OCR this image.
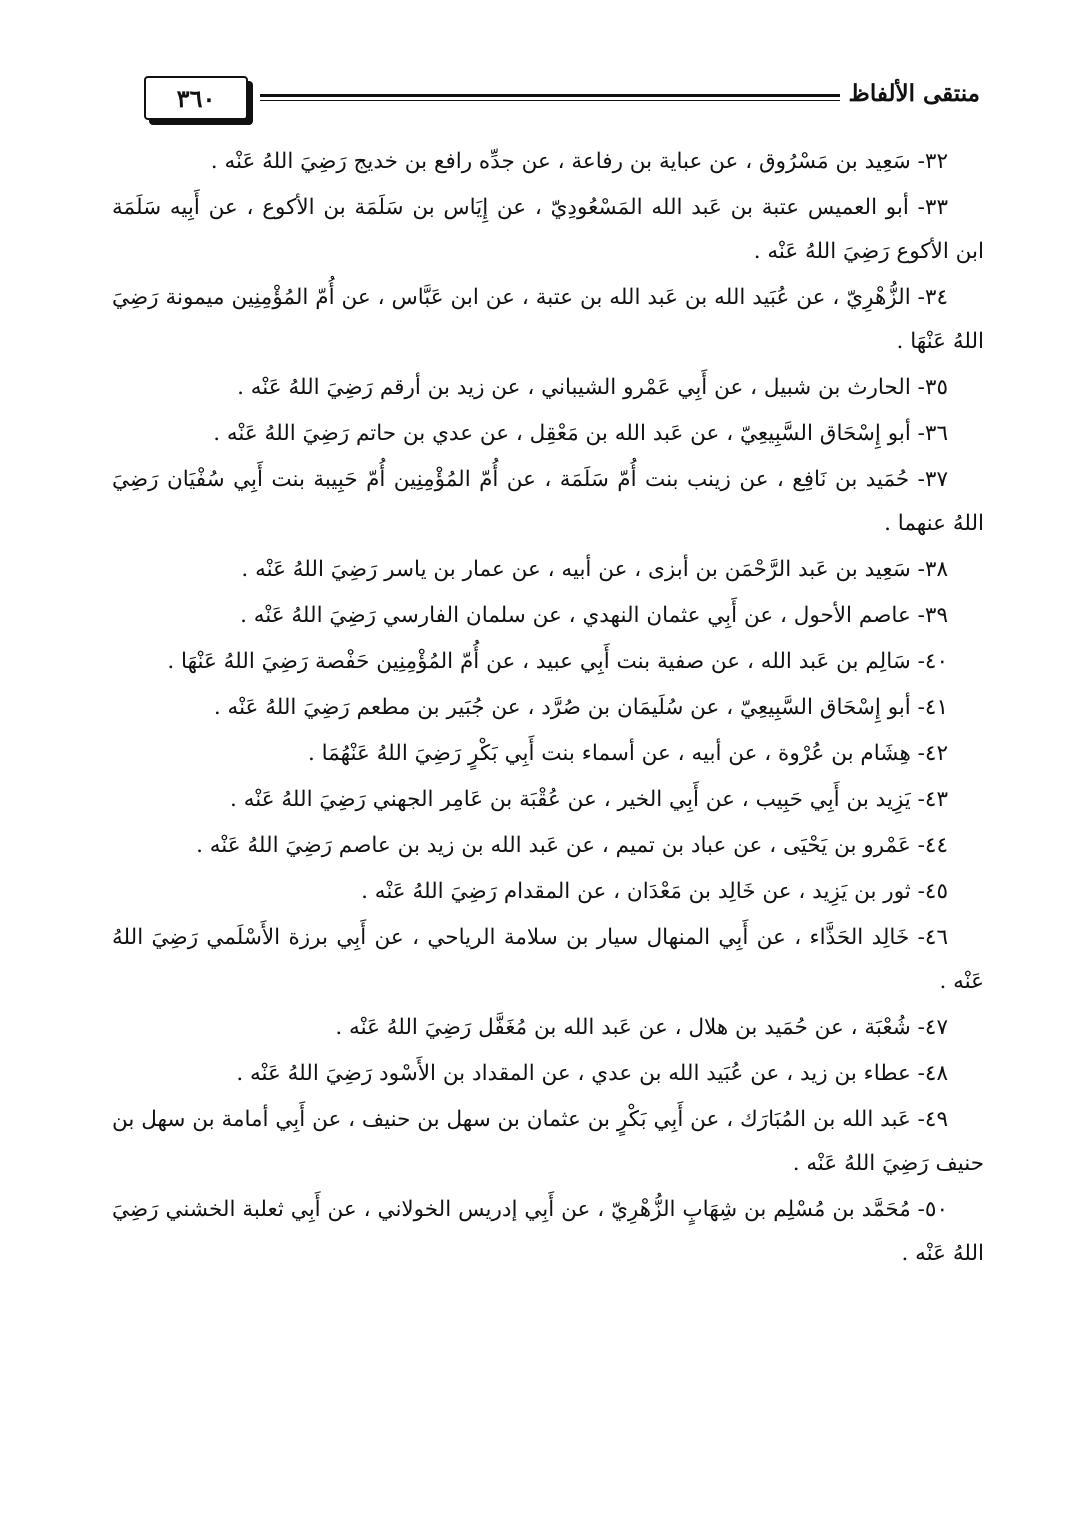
٣٦٠	منتقى الألفاظ

٣٢- سَعِيد بن مَسْرُوق ، عن عباية بن رفاعة ، عن جدِّه رافع بن خديج رَضِيَ اللهُ عَنْه .

٣٣- أبو العميس عتبة بن عَبد الله المَسْعُودِيّ ، عن إِيَاس بن سَلَمَة بن الأكوع ، عن أَبِيه سَلَمَة ابن الأكوع رَضِيَ اللهُ عَنْه .

٣٤- الزُّهْرِيّ ، عن عُبَيد الله بن عَبد الله بن عتبة ، عن ابن عَبَّاس ، عن أُمّ المُؤْمِنِين ميمونة رَضِيَ اللهُ عَنْهَا .

٣٥- الحارث بن شبيل ، عن أَبِي عَمْرو الشيباني ، عن زيد بن أرقم رَضِيَ اللهُ عَنْه .

٣٦- أبو إِسْحَاق السَّبِيعِيّ ، عن عَبد الله بن مَعْقِل ، عن عدي بن حاتم رَضِيَ اللهُ عَنْه .

٣٧- حُمَيد بن نَافِع ، عن زينب بنت أُمّ سَلَمَة ، عن أُمّ المُؤْمِنِين أُمّ حَبِيبة بنت أَبِي سُفْيَان رَضِيَ اللهُ عنهما .

٣٨- سَعِيد بن عَبد الرَّحْمَن بن أبزى ، عن أبيه ، عن عمار بن ياسر رَضِيَ اللهُ عَنْه .

٣٩- عاصم الأحول ، عن أَبِي عثمان النهدي ، عن سلمان الفارسي رَضِيَ اللهُ عَنْه .

٤٠- سَالِم بن عَبد الله ، عن صفية بنت أَبِي عبيد ، عن أُمّ المُؤْمِنِين حَفْصة رَضِيَ اللهُ عَنْهَا .

٤١- أبو إِسْحَاق السَّبِيعِيّ ، عن سُلَيمَان بن صُرَّد ، عن جُبَير بن مطعم رَضِيَ اللهُ عَنْه .

٤٢- هِشَام بن عُرْوة ، عن أبيه ، عن أسماء بنت أَبِي بَكْرٍ رَضِيَ اللهُ عَنْهُمَا .

٤٣- يَزِيد بن أَبِي حَبِيب ، عن أَبِي الخير ، عن عُقْبَة بن عَامِر الجهني رَضِيَ اللهُ عَنْه .

٤٤- عَمْرو بن يَحْيَى ، عن عباد بن تميم ، عن عَبد الله بن زيد بن عاصم رَضِيَ اللهُ عَنْه .

٤٥- ثور بن يَزِيد ، عن خَالِد بن مَعْدَان ، عن المقدام رَضِيَ اللهُ عَنْه .

٤٦- خَالِد الحَذَّاء ، عن أَبِي المنهال سيار بن سلامة الرياحي ، عن أَبِي برزة الأَسْلَمي رَضِيَ اللهُ عَنْه .

٤٧- شُعْبَة ، عن حُمَيد بن هلال ، عن عَبد الله بن مُغَفَّل رَضِيَ اللهُ عَنْه .

٤٨- عطاء بن زيد ، عن عُبَيد الله بن عدي ، عن المقداد بن الأَسْود رَضِيَ اللهُ عَنْه .

٤٩- عَبد الله بن المُبَارَك ، عن أَبِي بَكْرٍ بن عثمان بن سهل بن حنيف ، عن أَبِي أمامة بن سهل بن حنيف رَضِيَ اللهُ عَنْه .

٥٠- مُحَمَّد بن مُسْلِم بن شِهَابٍ الزُّهْرِيّ ، عن أَبِي إدريس الخولاني ، عن أَبِي ثعلبة الخشني رَضِيَ اللهُ عَنْه .
